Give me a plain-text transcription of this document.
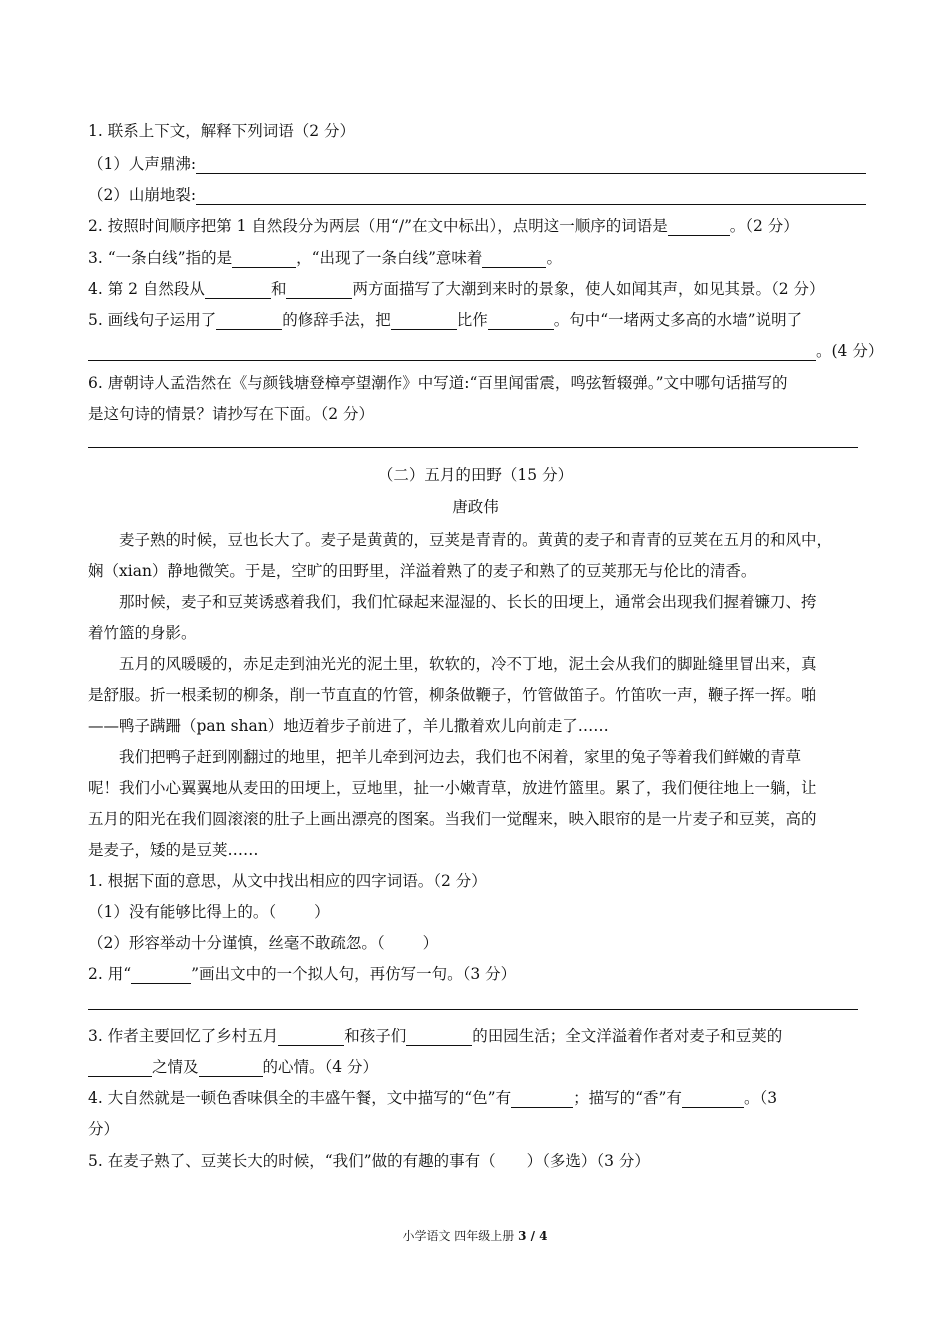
1. 联系上下文，解释下列词语（2 分）
（1）人声鼎沸:
（2）山崩地裂:
2. 按照时间顺序把第 1 自然段分为两层（用“/”在文中标出），点明这一顺序的词语是	。（2 分）
3. “一条白线”指的是	，“出现了一条白线”意味着	。
4. 第 2 自然段从	和	两方面描写了大潮到来时的景象，使人如闻其声，如见其景。（2 分）
5. 画线句子运用了	的修辞手法，把	比作	。句中“一堵两丈多高的水墙”说明了
。(4 分）
6. 唐朝诗人孟浩然在《与颜钱塘登樟亭望潮作》中写道:“百里闻雷震，鸣弦暂辍弹。”文中哪句话描写的
是这句诗的情景？请抄写在下面。（2 分）
（二）五月的田野（15 分）
唐政伟
麦子熟的时候，豆也长大了。麦子是黄黄的，豆荚是青青的。黄黄的麦子和青青的豆荚在五月的和风中，
娴（xian）静地微笑。于是，空旷的田野里，洋溢着熟了的麦子和熟了的豆荚那无与伦比的清香。
那时候，麦子和豆荚诱惑着我们，我们忙碌起来湿湿的、长长的田埂上，通常会出现我们握着镰刀、挎
着竹篮的身影。
五月的风暖暖的，赤足走到油光光的泥土里，软软的，冷不丁地，泥土会从我们的脚趾缝里冒出来，真
是舒服。折一根柔韧的柳条，削一节直直的竹管，柳条做鞭子，竹管做笛子。竹笛吹一声，鞭子挥一挥。啪
——鸭子蹒跚（pan shan）地迈着步子前进了，羊儿撒着欢儿向前走了……
我们把鸭子赶到刚翻过的地里，把羊儿牵到河边去，我们也不闲着，家里的兔子等着我们鲜嫩的青草
呢！我们小心翼翼地从麦田的田埂上，豆地里，扯一小嫩青草，放进竹篮里。累了，我们便往地上一躺，让
五月的阳光在我们圆滚滚的肚子上画出漂亮的图案。当我们一觉醒来，映入眼帘的是一片麦子和豆荚，高的
是麦子，矮的是豆荚……
1. 根据下面的意思，从文中找出相应的四字词语。（2 分）
（1）没有能够比得上的。（ ）
（2）形容举动十分谨慎，丝毫不敢疏忽。（ ）
2. 用“	”画出文中的一个拟人句，再仿写一句。（3 分）
3. 作者主要回忆了乡村五月	和孩子们	的田园生活；全文洋溢着作者对麦子和豆荚的
之情及	的心情。（4 分）
4. 大自然就是一顿色香味俱全的丰盛午餐，文中描写的“色”有	；描写的“香”有	。（3
分）
5. 在麦子熟了、豆荚长大的时候，“我们”做的有趣的事有（　　）（多选）（3 分）
小学语文 四年级上册 3 / 4
